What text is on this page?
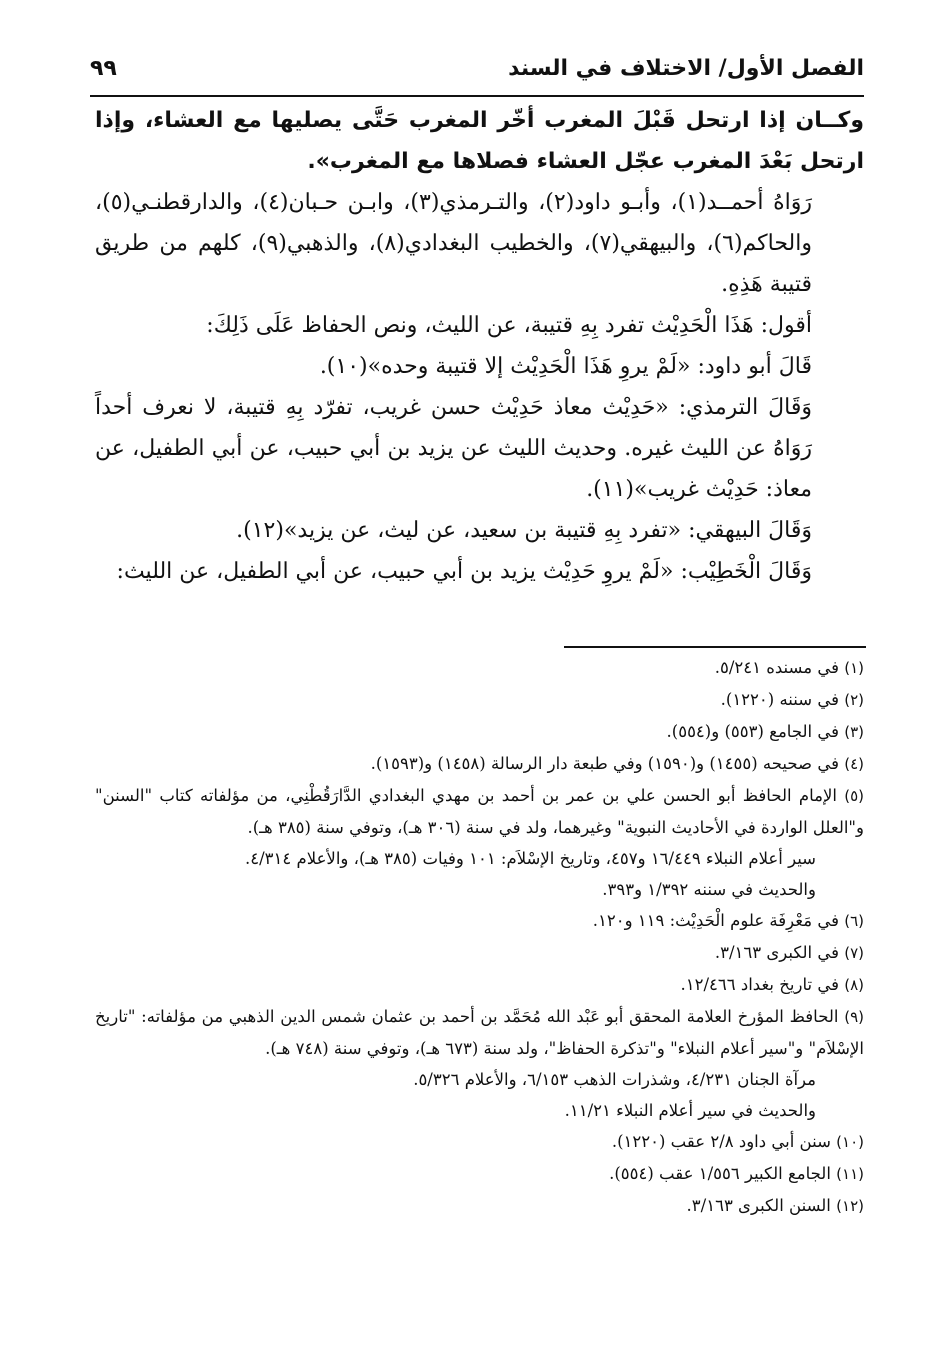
الفصل الأول/ الاختلاف في السند
٩٩

وكــان إذا ارتحل قَبْلَ المغرب أخّر المغرب حَتَّى يصليها مع العشاء، وإذا ارتحل بَعْدَ المغرب عجّل العشاء فصلاها مع المغرب».

رَوَاهُ أحمــد(١)، وأبـو داود(٢)، والتـرمذي(٣)، وابـن حـبان(٤)، والدارقطنـي(٥)، والحاكم(٦)، والبيهقي(٧)، والخطيب البغدادي(٨)، والذهبي(٩)، كلهم من طريق قتيبة هَذِهِ.

أقول: هَذَا الْحَدِيْث تفرد بِهِ قتيبة، عن الليث، ونص الحفاظ عَلَى ذَلِكَ:

قَالَ أبو داود: «لَمْ يروِ هَذَا الْحَدِيْث إلا قتيبة وحده»(١٠).

وَقَالَ الترمذي: «حَدِيْث معاذ حَدِيْث حسن غريب، تفرّد بِهِ قتيبة، لا نعرف أحداً رَوَاهُ عن الليث غيره. وحديث الليث عن يزيد بن أبي حبيب، عن أبي الطفيل، عن معاذ: حَدِيْث غريب»(١١).

وَقَالَ البيهقي: «تفرد بِهِ قتيبة بن سعيد، عن ليث، عن يزيد»(١٢).

وَقَالَ الْخَطِيْب: «لَمْ يروِ حَدِيْث يزيد بن أبي حبيب، عن أبي الطفيل، عن الليث:

(١) في مسنده ٥/٢٤١.

(٢) في سننه (١٢٢٠).

(٣) في الجامع (٥٥٣) و(٥٥٤).

(٤) في صحيحه (١٤٥٥) و(١٥٩٠) وفي طبعة دار الرسالة (١٤٥٨) و(١٥٩٣).

(٥) الإمام الحافظ أبو الحسن علي بن عمر بن أحمد بن مهدي البغدادي الدَّارَقُطْنِي، من مؤلفاته كتاب "السنن" و"العلل الواردة في الأحاديث النبوية" وغيرهما، ولد في سنة (٣٠٦ هـ)، وتوفي سنة (٣٨٥ هـ).

سير أعلام النبلاء ١٦/٤٤٩ و٤٥٧، وتاريخ الإسْلاَم: ١٠١ وفيات (٣٨٥ هـ)، والأعلام ٤/٣١٤.

والحديث في سننه ١/٣٩٢ و٣٩٣.

(٦) في مَعْرِفَة علوم الْحَدِيْث: ١١٩ و١٢٠.

(٧) في الكبرى ٣/١٦٣.

(٨) في تاريخ بغداد ١٢/٤٦٦.

(٩) الحافظ المؤرخ العلامة المحقق أبو عَبْد الله مُحَمَّد بن أحمد بن عثمان شمس الدين الذهبي من مؤلفاته: "تاريخ الإسْلاَم" و"سير أعلام النبلاء" و"تذكرة الحفاظ"، ولد سنة (٦٧٣ هـ)، وتوفي سنة (٧٤٨ هـ).

مرآة الجنان ٤/٢٣١، وشذرات الذهب ٦/١٥٣، والأعلام ٥/٣٢٦.

والحديث في سير أعلام النبلاء ١١/٢١.

(١٠) سنن أبي داود ٢/٨ عقب (١٢٢٠).

(١١) الجامع الكبير ١/٥٥٦ عقب (٥٥٤).

(١٢) السنن الكبرى ٣/١٦٣.
